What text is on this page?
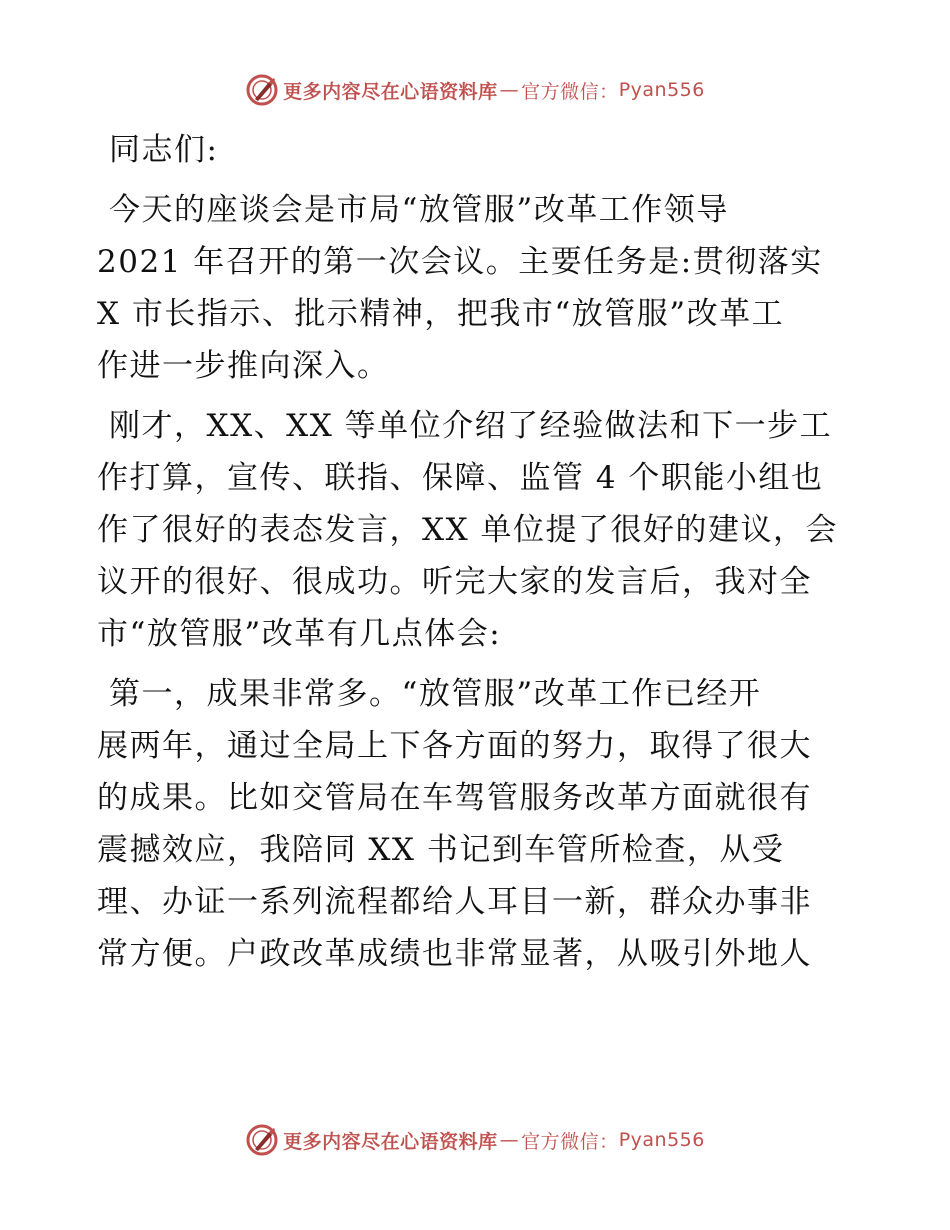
更多内容尽在心语资料库 — 官方微信： Pyan556

同志们:

今天的座谈会是市局“放管服”改革工作领导
2021 年召开的第一次会议。主要任务是:贯彻落实
X 市长指示、批示精神，把我市“放管服”改革工
作进一步推向深入。

刚才，XX、XX 等单位介绍了经验做法和下一步工
作打算，宣传、联指、保障、监管 4 个职能小组也
作了很好的表态发言，XX 单位提了很好的建议，会
议开的很好、很成功。听完大家的发言后，我对全
市“放管服”改革有几点体会:

第一，成果非常多。“放管服”改革工作已经开
展两年，通过全局上下各方面的努力，取得了很大
的成果。比如交管局在车驾管服务改革方面就很有
震撼效应，我陪同 XX 书记到车管所检查，从受
理、办证一系列流程都给人耳目一新，群众办事非
常方便。户政改革成绩也非常显著，从吸引外地人

更多内容尽在心语资料库 — 官方微信： Pyan556
